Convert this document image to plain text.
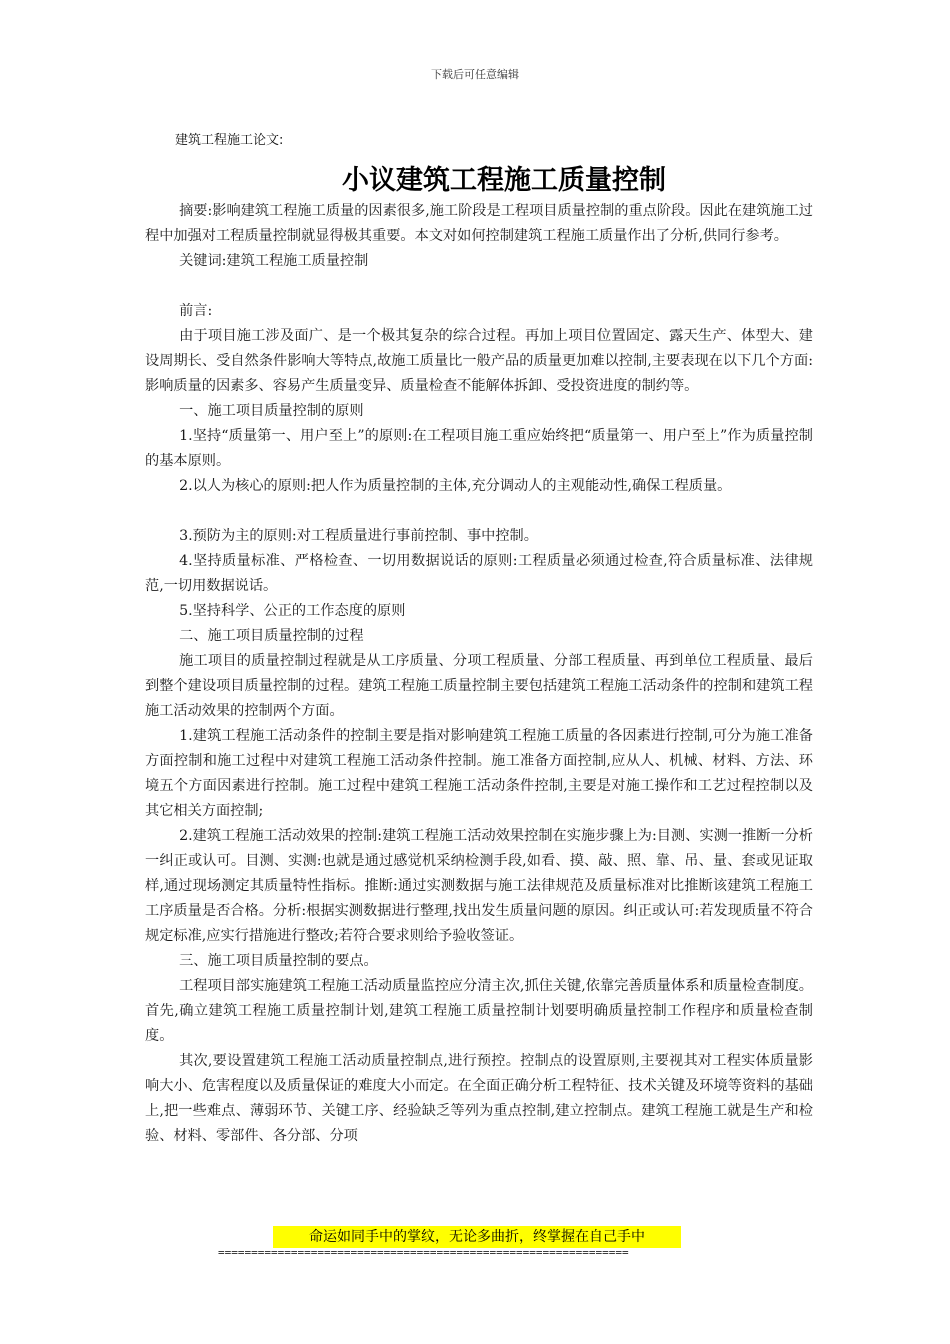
下载后可任意编辑
建筑工程施工论文:
小议建筑工程施工质量控制

摘要:影响建筑工程施工质量的因素很多,施工阶段是工程项目质量控制的重点阶段。因此在建筑施工过程中加强对工程质量控制就显得极其重要。本文对如何控制建筑工程施工质量作出了分析,供同行参考。

关键词:建筑工程施工质量控制

前言:

由于项目施工涉及面广、是一个极其复杂的综合过程。再加上项目位置固定、露天生产、体型大、建设周期长、受自然条件影响大等特点,故施工质量比一般产品的质量更加难以控制,主要表现在以下几个方面:影响质量的因素多、容易产生质量变异、质量检查不能解体拆卸、受投资进度的制约等。

一、施工项目质量控制的原则

1.坚持“质量第一、用户至上”的原则:在工程项目施工重应始终把“质量第一、用户至上”作为质量控制的基本原则。

2.以人为核心的原则:把人作为质量控制的主体,充分调动人的主观能动性,确保工程质量。

3.预防为主的原则:对工程质量进行事前控制、事中控制。

4.坚持质量标准、严格检查、一切用数据说话的原则:工程质量必须通过检查,符合质量标准、法律规范,一切用数据说话。

5.坚持科学、公正的工作态度的原则

二、施工项目质量控制的过程

施工项目的质量控制过程就是从工序质量、分项工程质量、分部工程质量、再到单位工程质量、最后到整个建设项目质量控制的过程。建筑工程施工质量控制主要包括建筑工程施工活动条件的控制和建筑工程施工活动效果的控制两个方面。

1.建筑工程施工活动条件的控制主要是指对影响建筑工程施工质量的各因素进行控制,可分为施工准备方面控制和施工过程中对建筑工程施工活动条件控制。施工准备方面控制,应从人、机械、材料、方法、环境五个方面因素进行控制。施工过程中建筑工程施工活动条件控制,主要是对施工操作和工艺过程控制以及其它相关方面控制;

2.建筑工程施工活动效果的控制:建筑工程施工活动效果控制在实施步骤上为:目测、实测一推断一分析一纠正或认可。目测、实测:也就是通过感觉机采纳检测手段,如看、摸、敲、照、靠、吊、量、套或见证取样,通过现场测定其质量特性指标。推断:通过实测数据与施工法律规范及质量标准对比推断该建筑工程施工工序质量是否合格。分析:根据实测数据进行整理,找出发生质量问题的原因。纠正或认可:若发现质量不符合规定标准,应实行措施进行整改;若符合要求则给予验收签证。

三、施工项目质量控制的要点。

工程项目部实施建筑工程施工活动质量监控应分清主次,抓住关键,依靠完善质量体系和质量检查制度。首先,确立建筑工程施工质量控制计划,建筑工程施工质量控制计划要明确质量控制工作程序和质量检查制度。

其次,要设置建筑工程施工活动质量控制点,进行预控。控制点的设置原则,主要视其对工程实体质量影响大小、危害程度以及质量保证的难度大小而定。在全面正确分析工程特征、技术关键及环境等资料的基础上,把一些难点、薄弱环节、关键工序、经验缺乏等列为重点控制,建立控制点。建筑工程施工就是生产和检验、材料、零部件、各分部、分项

命运如同手中的掌纹，无论多曲折，终掌握在自己手中
==============================================================
